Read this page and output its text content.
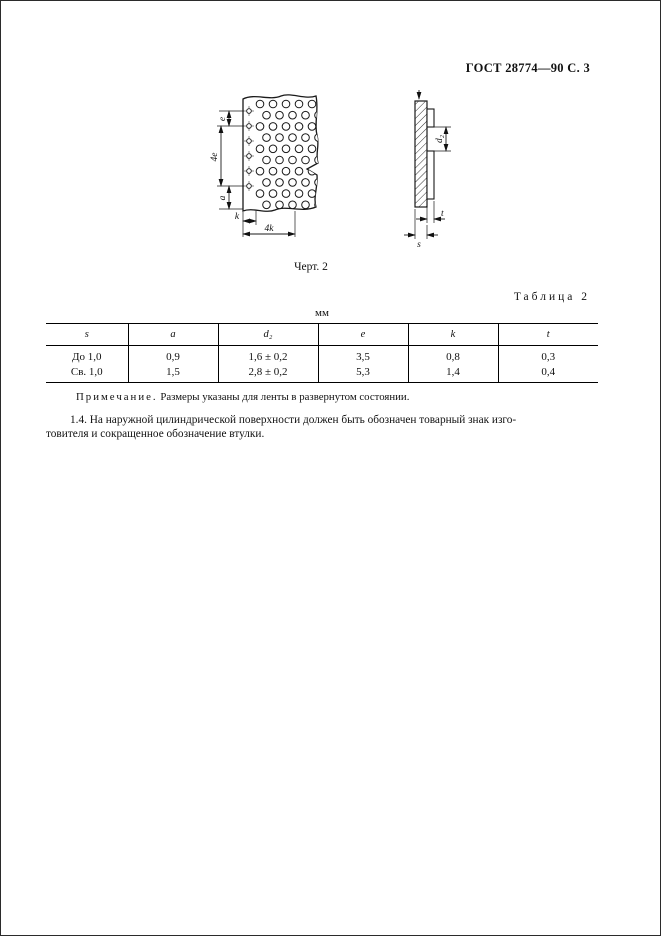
ГОСТ 28774—90 С. 3
e
4e
a
k
4k
d₂
t
s
Черт. 2
Таблица 2
мм
s	a	d₂	e	k	t
До 1,0	0,9	1,6 ± 0,2	3,5	0,8	0,3
Св. 1,0	1,5	2,8 ± 0,2	5,3	1,4	0,4
Примечание. Размеры указаны для ленты в развернутом состоянии.
1.4. На наружной цилиндрической поверхности должен быть обозначен товарный знак изго-
товителя и сокращенное обозначение втулки.
